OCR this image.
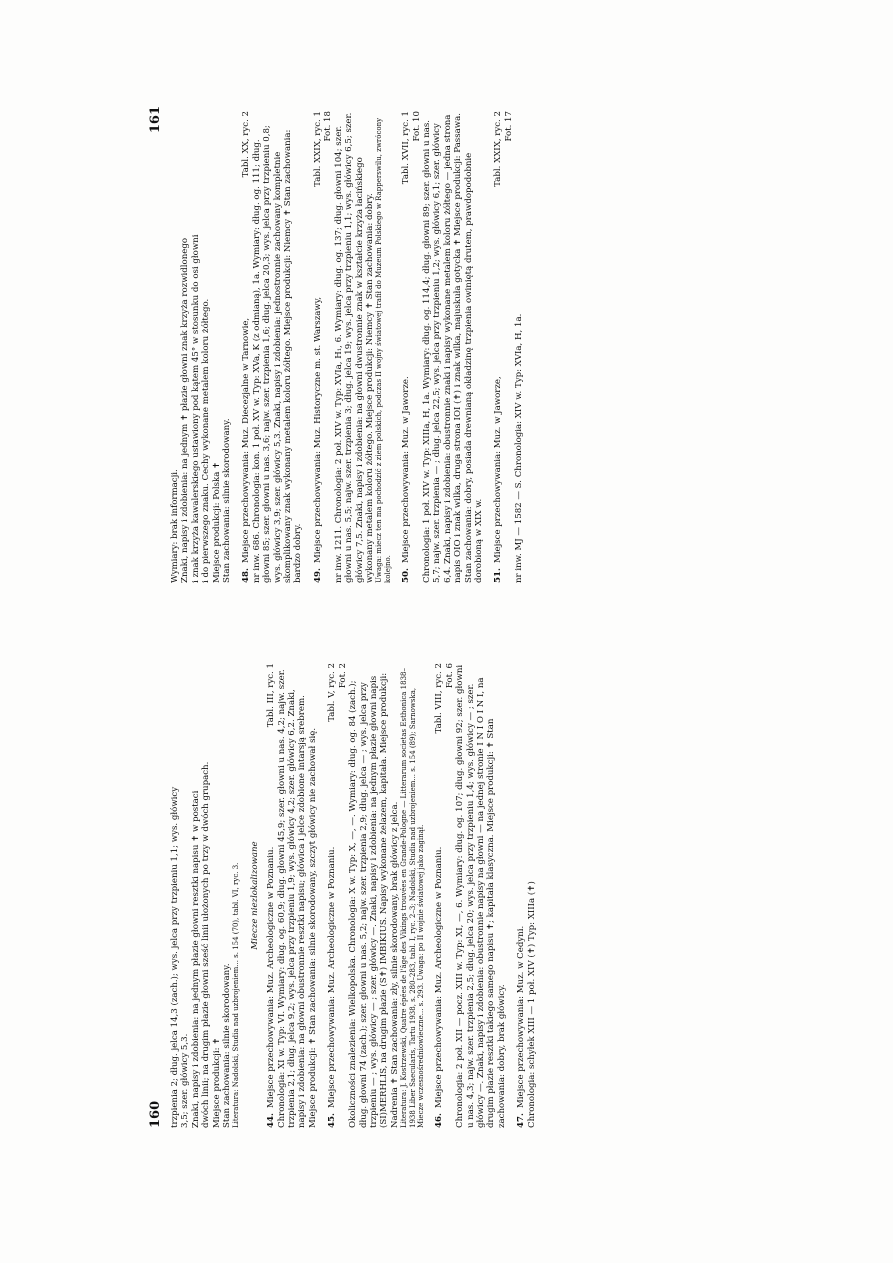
160
161
trzpienia 2; dług. jelca 14,3 (zach.); wys. jelca przy trzpieniu 1,1; wys. główicy 3,5; szer. główicy 5,3. Znaki, napisy i zdobienia: na jednym płazie głowni resztki napisu ✝ w postaci dwóch linii; na drugim płazie głowni sześć linii ułożonych po trzy w dwóch grupach. Miejsce produkcji: ✝ Stan zachowania: silnie skorodowany. Literatura: Nadolski, Studia nad uzbrojeniem... s. 154 (70), tabl. VI, ryc. 3. Miecze niezlokalizowane
44.Miejsce przechowywania: Muz. Archeologiczne w Poznaniu.
Tabl. III, ryc. 1 Chronologia: XI w. Typ: VI. Wymiary: dług. og. 60,9; dług. głowni 45,9; szer. głowni u nas. 4,2; najw. szer. trzpienia 2,1; dług. jelca 9,2; wys. jelca przy trzpieniu 1,9; wys. główicy 4,2; szer. główicy 6,2. Znaki, napisy i zdobienia: na głowni obustronnie resztki napisu; główica i jelce zdobione intarsją srebrem. Miejsce produkcji: ✝ Stan zachowania: silnie skorodowany, szczyt główicy nie zachował się. 45.Miejsce przechowywania: Muz. Archeologiczne w Poznaniu.
Tabl. V, ryc. 2 Fot. 2
Okoliczności znalezienia: Wielkopolska. Chronologia: X w. Typ: X, —, —. Wymiary: dług. og. 84 (zach.); dług. głowni 74 (zach.); szer. głowni u nas. 5,2; najw. szer. trzpienia 2,9; dług. jelca — ; wys. jelca przy trzpieniu — ; wys. główicy — ; szer. główicy —. Znaki, napisy i zdobienia: na jednym płazie głowni napis (SI)MERHLIS, na drugim płazie (S✝) IMBIKIUS. Napisy wykonane żelazem, kapitała. Miejsce produkcji: Nadrenia ✝ Stan zachowania: zły, silnie skorodowany, brak główicy z jelca. Literatura: J. Kostrzewski, Quatre épées de l'âge des Vikings trouvées en Grande-Pologne — Litterarum societas Esthonica 1838–1938 Liber Saecularis, Tartu 1938, s. 280–283, tabl. I, ryc. 2–3; Nadolski, Studia nad uzbrojeniem... s. 154 (89); Sarnowska, Miecze wczesnośredniowieczne... s. 293. Uwaga: po II wojnie światowej jako zaginął. 46.Miejsce przechowywania: Muz. Archeologiczne w Poznaniu.
Tabl. VIII, ryc. 2 Fot. 6 Chronologia: 2 poł. XII — pocz. XIII w. Typ: XI, —, 6. Wymiary: dług. og. 107; dług. głowni 92; szer. głowni u nas. 4,3; najw. szer. trzpienia 2,5; dług. jelca 20; wys. jelca przy trzpieniu 1,4; wys. główicy — ; szer. główicy —. Znaki, napisy i zdobienia: obustronnie napisy na głowni — na jednej stronie I N I O I N I, na drugim płazie resztki takiego samego napisu ✝; kapitała klasyczna. Miejsce produkcji: ✝ Stan zachowania: dobry, brak główicy. 47.Miejsce przechowywania: Muz. w Cedyni. Chronologia: schyłek XIII — 1 poł. XIV (✝) Typ: XIIIa (✝)
Wymiary: brak informacji. Znaki, napisy i zdobienia: na jednym ✝ płazie głowni znak krzyża rozwidlonego i znak krzyża kawalerskiego ustawiony pod kątem 45° w stosunku do osi głowni i do pierwszego znaku. Cechy wykonane metalem koloru żółtego. Miejsce produkcji: Polska ✝ Stan zachowania: silnie skorodowany. 48.Miejsce przechowywania: Muz. Diecezjalne w Tarnowie,
Tabl. XX, ryc. 2 nr inw. 686. Chronologia: kon. 1 poł. XV w. Typ: XVa, K (z odmianą), 1a. Wymiary: dług. og. 111; dług. głowni 85; szer. głowni u nas. 3,6; najw. szer. trzpienia 1,6; dług. jelca 20,3; wys. jelca przy trzpieniu 0,8; wys. główicy 3,9; szer. główicy 5,3. Znaki, napisy i zdobienia: jednostronnie zachowany kompletnie skomplikowany znak wykonany metalem koloru żółtego. Miejsce produkcji: Niemcy ✝ Stan zachowania: bardzo dobry. 49.Miejsce przechowywania: Muz. Historyczne m. st. Warszawy,
Tabl. XXIX, ryc. 1 Fot. 18 nr inw. 1211. Chronologia: 2 poł. XIV w. Typ: XVIa, H₁, 6. Wymiary: dług. og. 137; dług. głowni 104; szer. głowni u nas. 5,5; najw. szer. trzpienia 3; dług. jelca 19; wys. jelca przy trzpieniu 1,1; wys. główicy 6,5; szer. główicy 7,5. Znaki, napisy i zdobienia: na głowni dwustronnie znak w kształcie krzyża łacińskiego wykonany metalem koloru żółtego. Miejsce produkcji: Niemcy ✝ Stan zachowania: dobry. Uwaga: miecz ten ma pochodzić z ziem polskich, podczas II wojny światowej trafił do Muzeum Polskiego w Rapperswilu, zwrócony kolejno. 50.Miejsce przechowywania: Muz. w Jaworze.
Tabl. XVII, ryc. 1 Fot. 10 Chronologia: 1 poł. XIV w. Typ: XIIIa, H, 1a. Wymiary: dług. og. 114,4; dług. głowni 89; szer. głowni u nas. 5,7; najw. szer. trzpienia — ; dług. jelca 22,5; wys. jelca przy trzpieniu 1,2; wys. główicy 6,1; szer. główicy 6,4. Znaki, napisy i zdobienia: obustronnie znaki i napisy wykonane metalem koloru żółtego — jedna strona napis OIO i znak wilka, druga strona IOI (✝) i znak wilka, majuskuła gotycka ✝ Miejsce produkcji: Passawa. Stan zachowania: dobry, posiada drewnianą okładzinę trzpienia owiniętą drutem, prawdopodobnie dorobioną w XIX w. 51.Miejsce przechowywania: Muz. w Jaworze,
Tabl. XXIX, ryc. 2 Fot. 17
nr inw. MJ — 1582 — S. Chronologia: XIV w. Typ: XVIa, H, 1a.
